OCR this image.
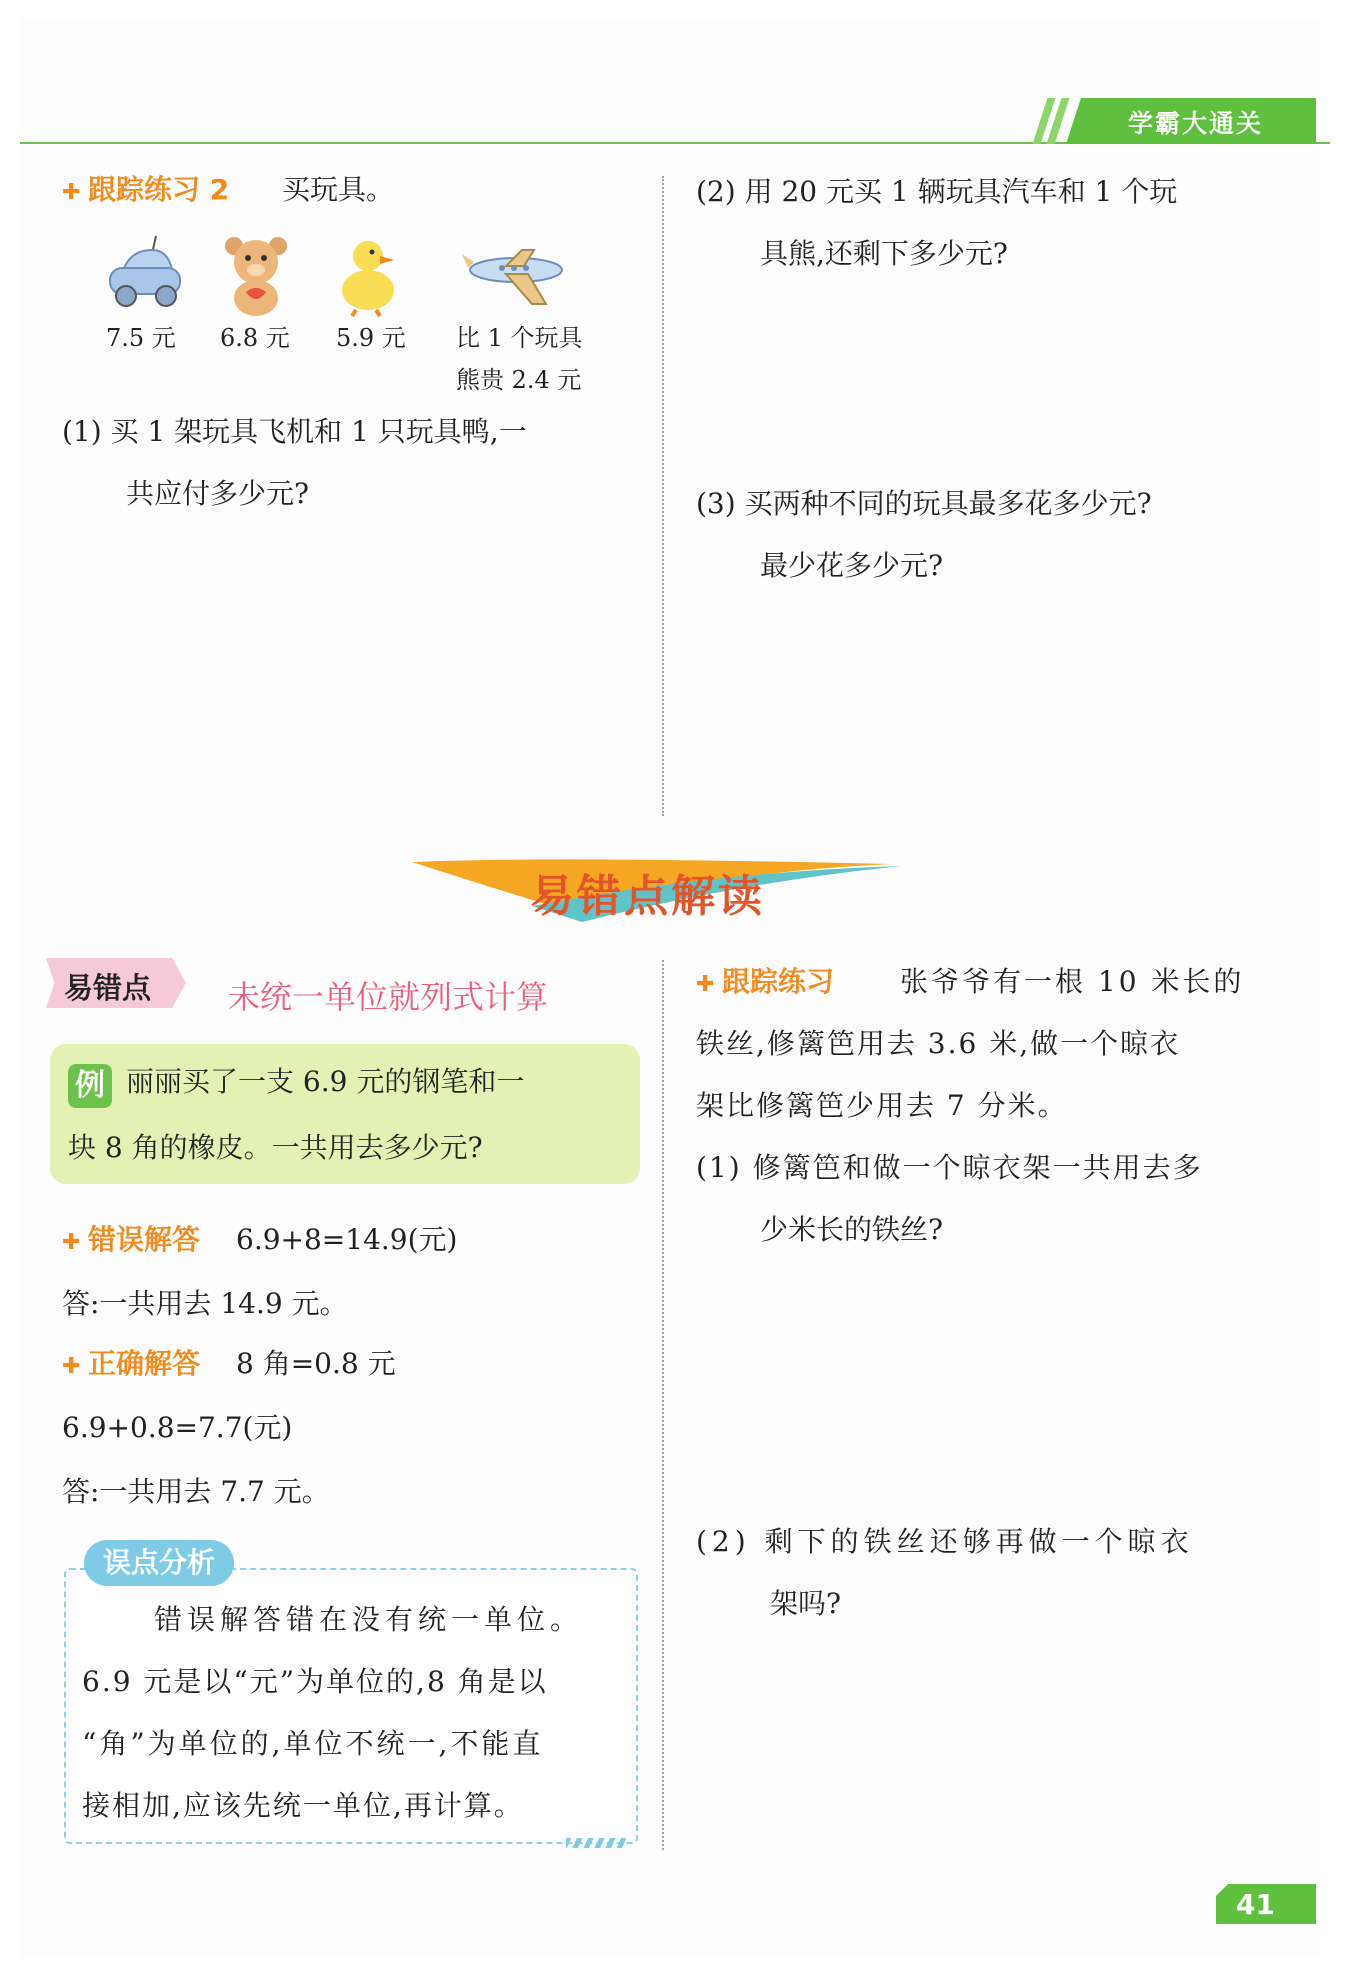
学霸大通关
✚ 跟踪练习 2 买玩具。
7.5 元 6.8 元 5.9 元 比 1 个玩具
熊贵 2.4 元
(1) 买 1 架玩具飞机和 1 只玩具鸭,一
共应付多少元?
(2) 用 20 元买 1 辆玩具汽车和 1 个玩
具熊,还剩下多少元?
(3) 买两种不同的玩具最多花多少元?
最少花多少元?
易错点解读
易错点 未统一单位就列式计算
例 丽丽买了一支 6.9 元的钢笔和一
块 8 角的橡皮。一共用去多少元?
✚ 错误解答 6.9+8=14.9(元)
答:一共用去 14.9 元。
✚ 正确解答 8 角=0.8 元
6.9+0.8=7.7(元)
答:一共用去 7.7 元。
误点分析
错误解答错在没有统一单位。
6.9 元是以“元”为单位的,8 角是以
“角”为单位的,单位不统一,不能直
接相加,应该先统一单位,再计算。
✚ 跟踪练习 张爷爷有一根 10 米长的
铁丝,修篱笆用去 3.6 米,做一个晾衣
架比修篱笆少用去 7 分米。
(1) 修篱笆和做一个晾衣架一共用去多
少米长的铁丝?
(2) 剩下的铁丝还够再做一个晾衣
架吗?
41
